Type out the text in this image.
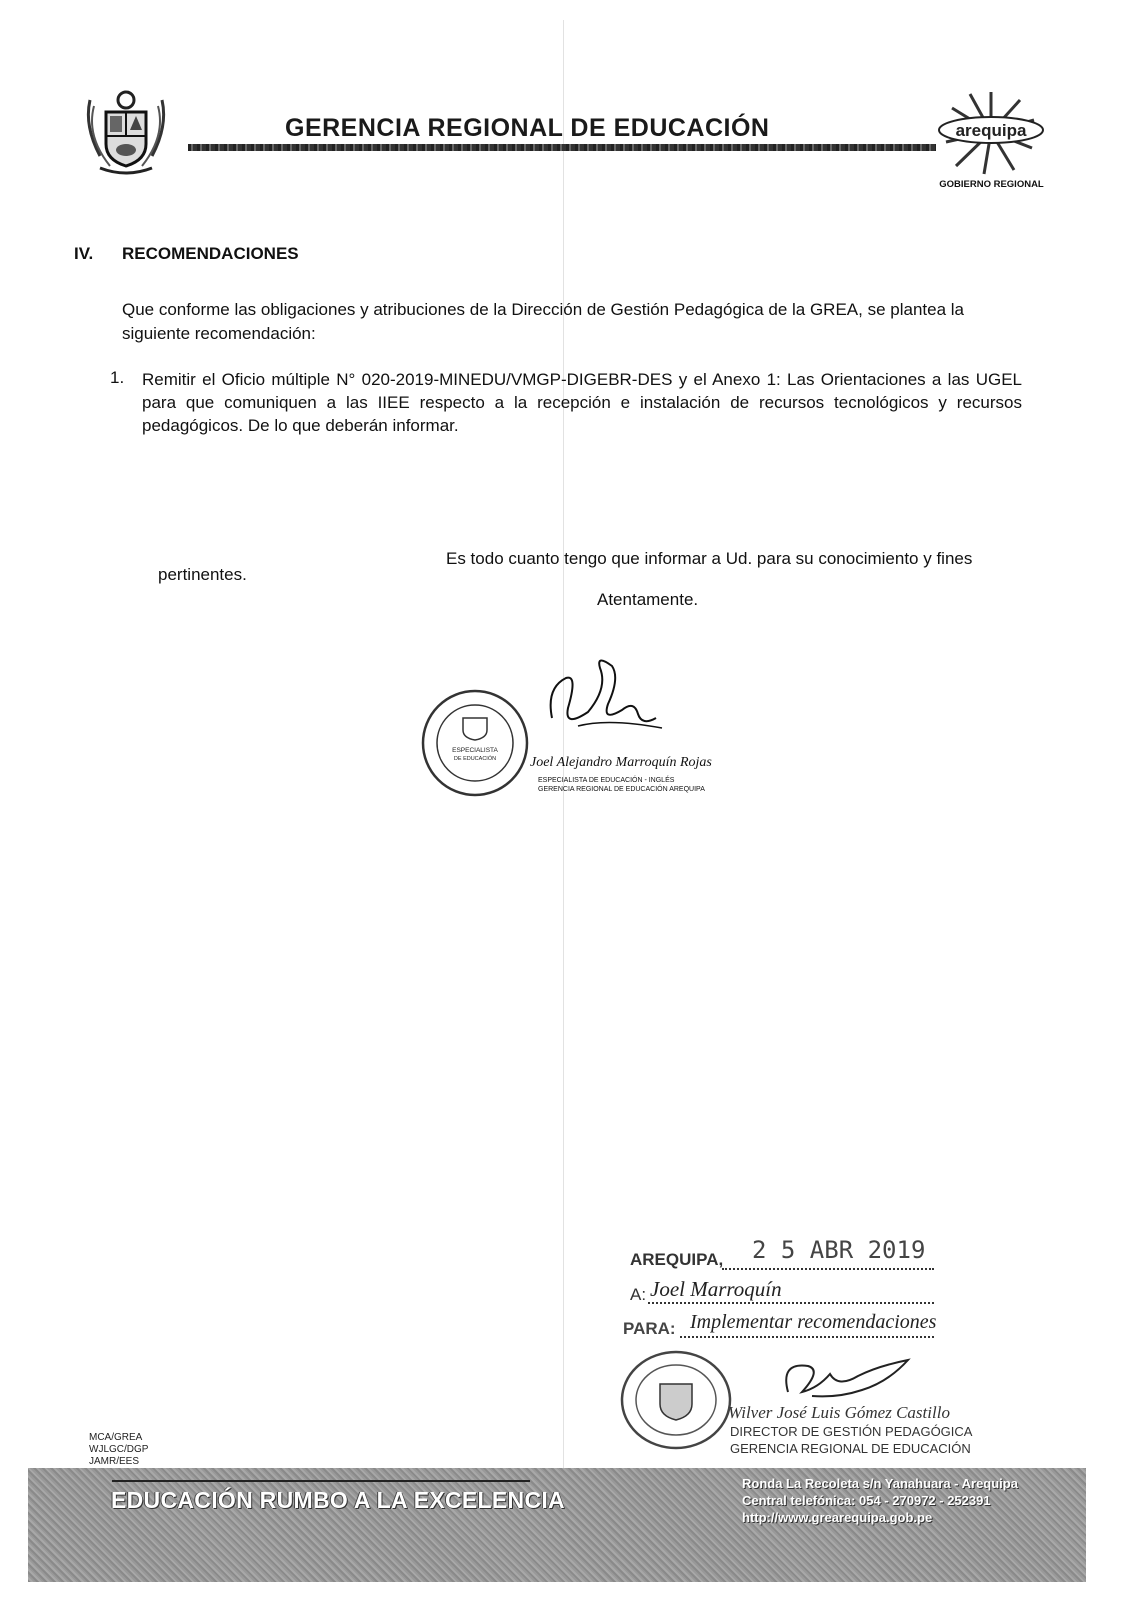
GERENCIA REGIONAL DE EDUCACIÓN	arequipa
GOBIERNO REGIONAL
IV. RECOMENDACIONES
Que conforme las obligaciones y atribuciones de la Dirección de Gestión Pedagógica de la GREA, se plantea la siguiente recomendación:
1. Remitir el Oficio múltiple N° 020-2019-MINEDU/VMGP-DIGEBR-DES y el Anexo 1: Las Orientaciones a las UGEL para que comuniquen a las IIEE respecto a la recepción e instalación de recursos tecnológicos y recursos pedagógicos. De lo que deberán informar.
Es todo cuanto tengo que informar a Ud. para su conocimiento y fines
pertinentes.
Atentamente.
ESPECIALISTA
DE EDUCACIÓN Joel Alejandro Marroquín Rojas
ESPECIALISTA DE EDUCACIÓN - INGLÉS
GERENCIA REGIONAL DE EDUCACIÓN AREQUIPA
AREQUIPA, 2 5 ABR 2019
A: Joel Marroquín
PARA: Implementar recomendaciones
Wilver José Luis Gómez Castillo
DIRECTOR DE GESTIÓN PEDAGÓGICA
GERENCIA REGIONAL DE EDUCACIÓN
MCA/GREA
WJLGC/DGP
JAMR/EES
EDUCACIÓN RUMBO A LA EXCELENCIA
Ronda La Recoleta s/n Yanahuara - Arequipa
Central telefónica: 054 - 270972 - 252391
http://www.grearequipa.gob.pe
